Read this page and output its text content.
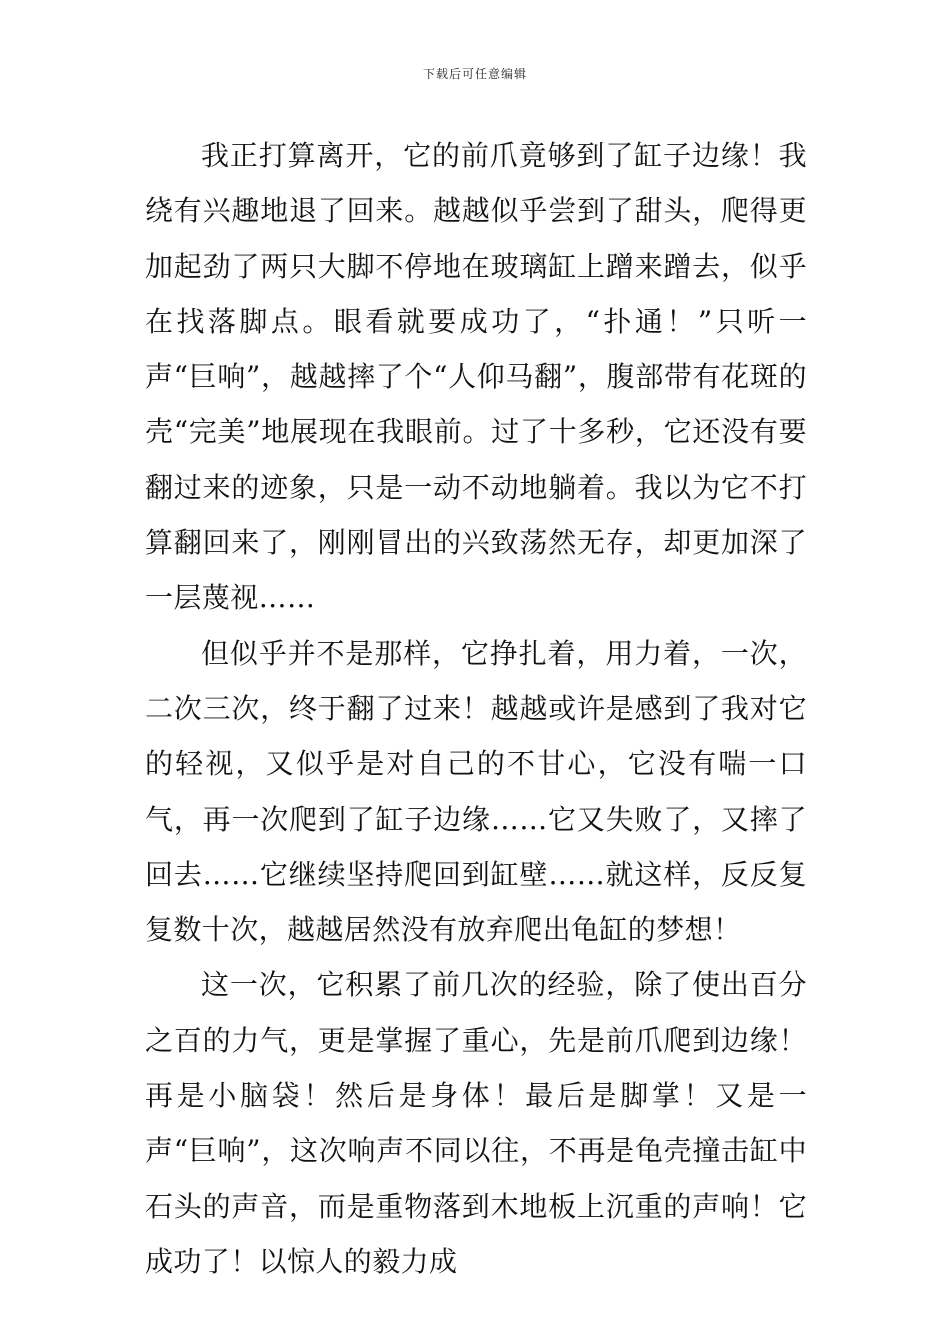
下载后可任意编辑

我正打算离开，它的前爪竟够到了缸子边缘！我绕有兴趣地退了回来。越越似乎尝到了甜头，爬得更加起劲了两只大脚不停地在玻璃缸上蹭来蹭去，似乎在找落脚点。眼看就要成功了，“扑通！”只听一声“巨响”，越越摔了个“人仰马翻”，腹部带有花斑的壳“完美”地展现在我眼前。过了十多秒，它还没有要翻过来的迹象，只是一动不动地躺着。我以为它不打算翻回来了，刚刚冒出的兴致荡然无存，却更加深了一层蔑视……

但似乎并不是那样，它挣扎着，用力着，一次，二次三次，终于翻了过来！越越或许是感到了我对它的轻视，又似乎是对自己的不甘心，它没有喘一口气，再一次爬到了缸子边缘……它又失败了，又摔了回去……它继续坚持爬回到缸壁……就这样，反反复复数十次，越越居然没有放弃爬出龟缸的梦想！

这一次，它积累了前几次的经验，除了使出百分之百的力气，更是掌握了重心，先是前爪爬到边缘！再是小脑袋！然后是身体！最后是脚掌！又是一声“巨响”，这次响声不同以往，不再是龟壳撞击缸中石头的声音，而是重物落到木地板上沉重的声响！它成功了！以惊人的毅力成
